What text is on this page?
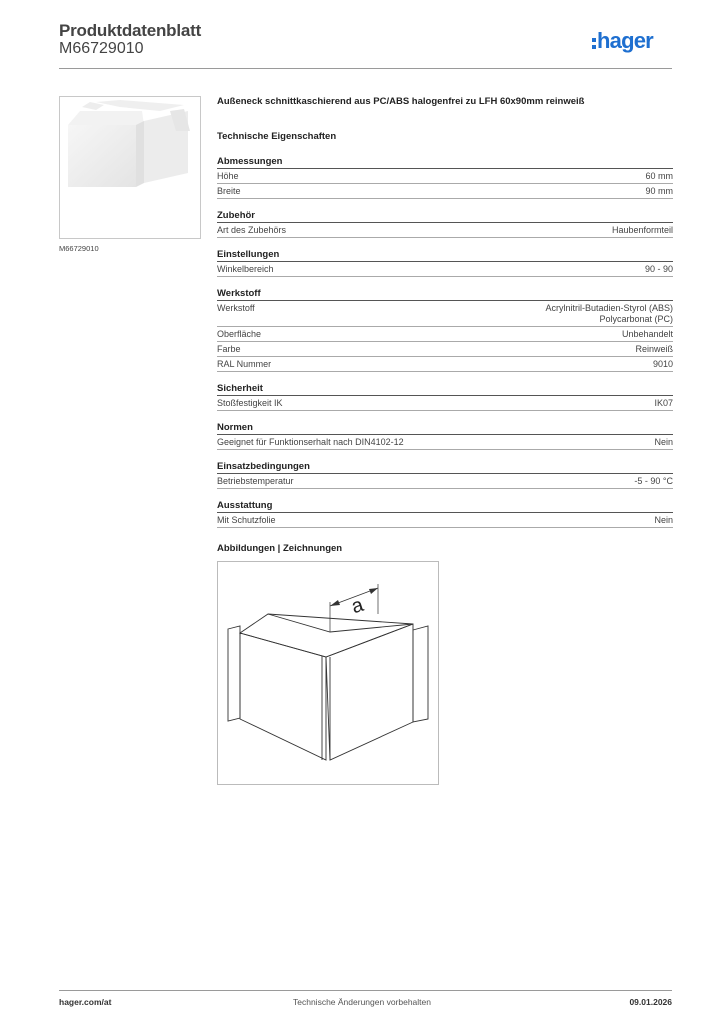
Produktdatenblatt
M66729010	hager
M66729010
Außeneck schnittkaschierend aus PC/ABS halogenfrei zu LFH 60x90mm reinweiß
Technische Eigenschaften
Abmessungen
Höhe	60 mm
Breite	90 mm
Zubehör
Art des Zubehörs	Haubenformteil
Einstellungen
Winkelbereich	90 - 90
Werkstoff
Werkstoff	Acrylnitril-Butadien-Styrol (ABS)
Polycarbonat (PC)
Oberfläche	Unbehandelt
Farbe	Reinweiß
RAL Nummer	9010
Sicherheit
Stoßfestigkeit IK	IK07
Normen
Geeignet für Funktionserhalt nach DIN4102-12	Nein
Einsatzbedingungen
Betriebstemperatur	-5 - 90 °C
Ausstattung
Mit Schutzfolie	Nein
Abbildungen | Zeichnungen
a
hager.com/at	Technische Änderungen vorbehalten	09.01.2026
